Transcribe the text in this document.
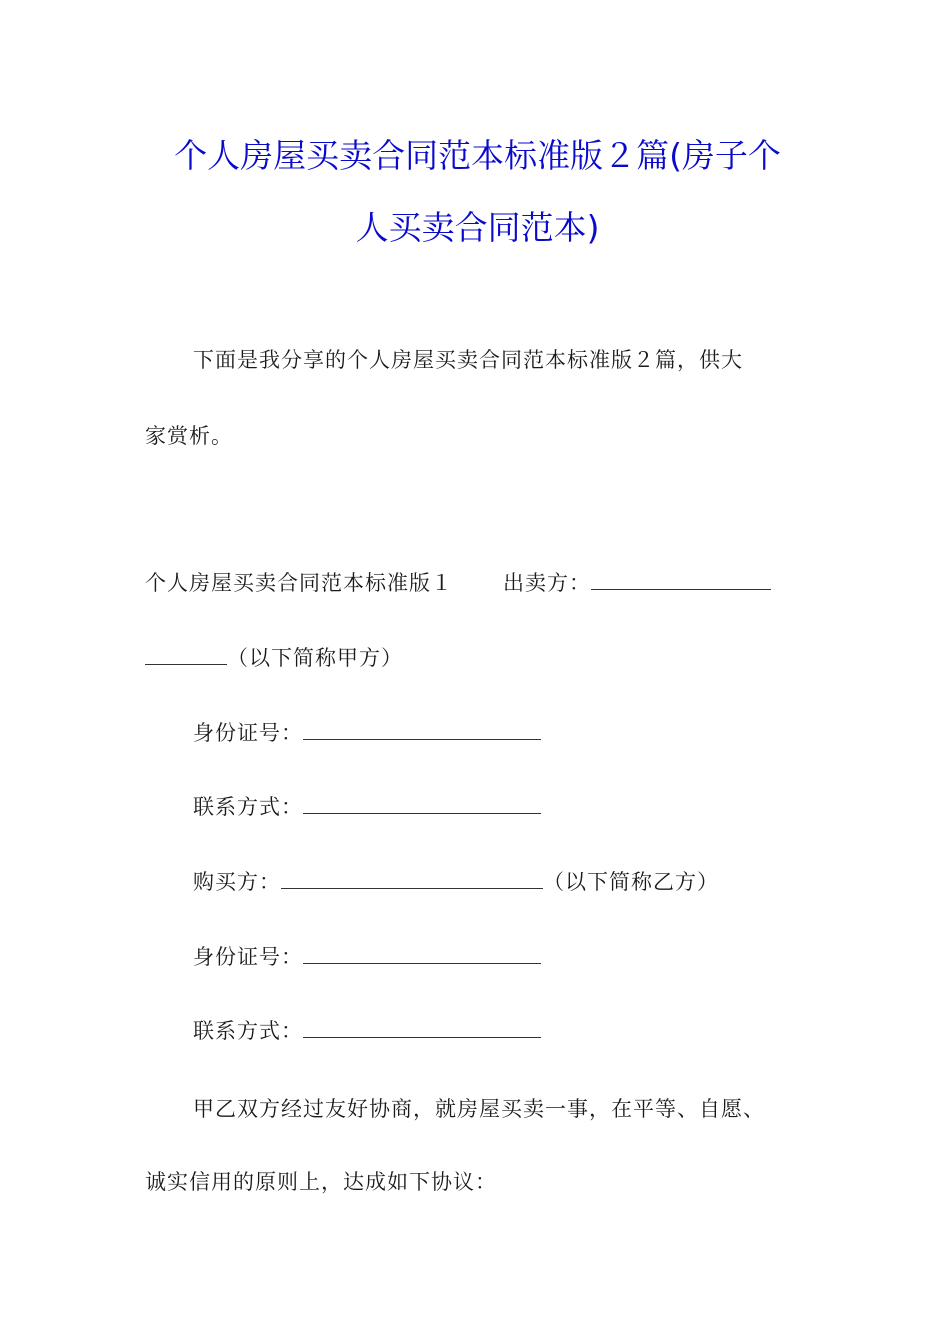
个人房屋买卖合同范本标准版２篇(房子个
人买卖合同范本)
下面是我分享的个人房屋买卖合同范本标准版２篇，供大
家赏析。
个人房屋买卖合同范本标准版１ 出卖方：
（以下简称甲方）
身份证号：
联系方式：
购买方：	（以下简称乙方）
身份证号：
联系方式：
甲乙双方经过友好协商，就房屋买卖一事，在平等、自愿、
诚实信用的原则上，达成如下协议：
